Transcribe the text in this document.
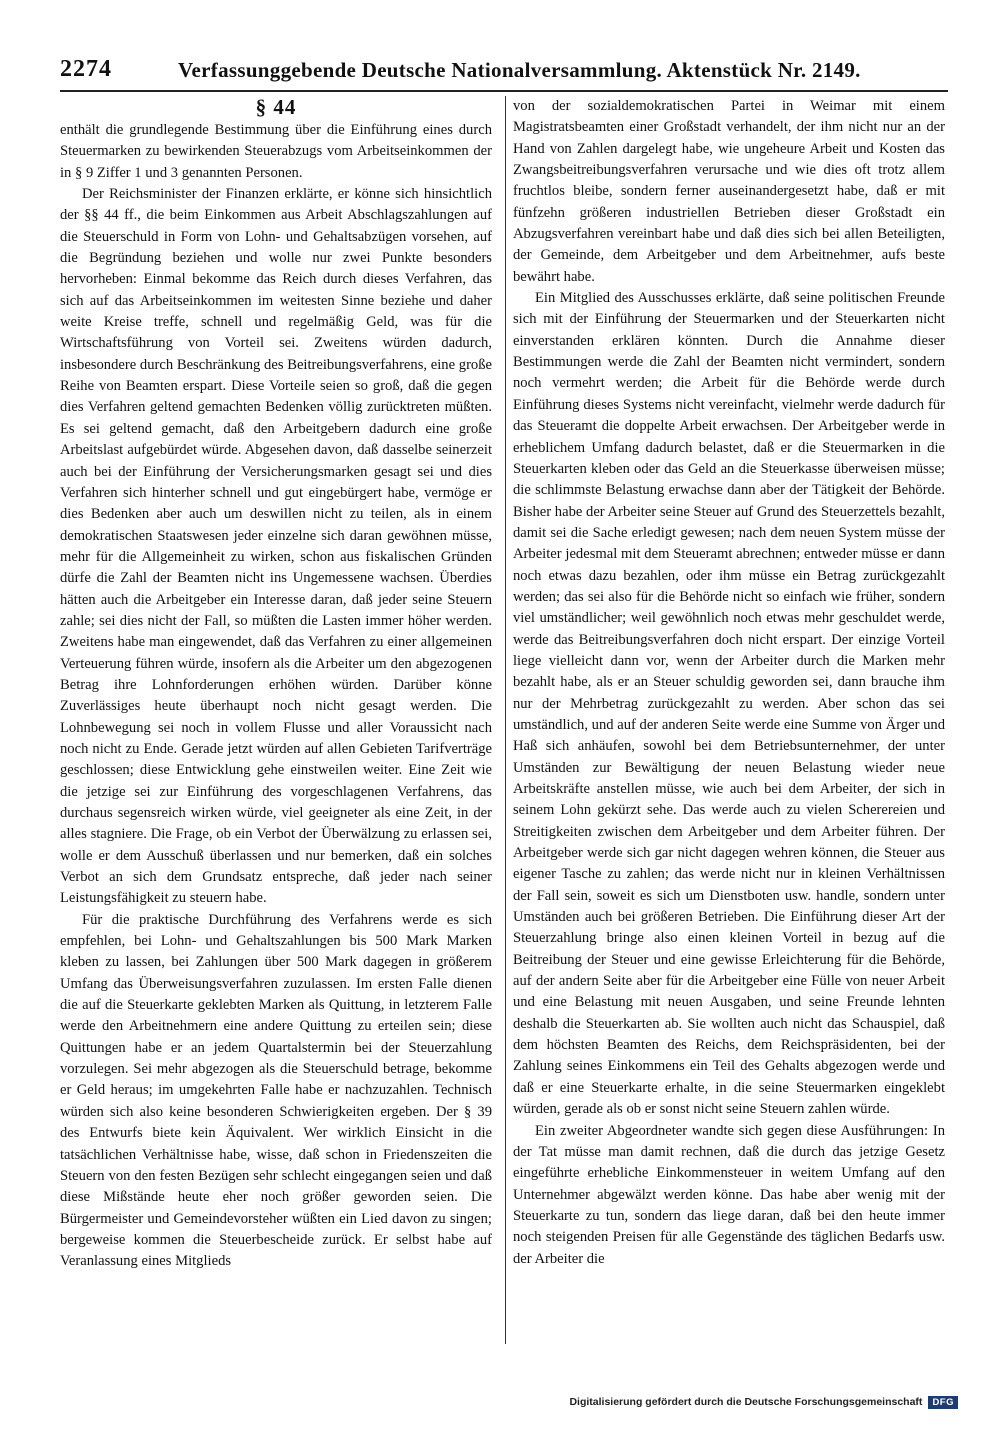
2274	Verfassunggebende Deutsche Nationalversammlung. Aktenstück Nr. 2149.
§ 44

enthält die grundlegende Bestimmung über die Einführung eines durch Steuermarken zu bewirkenden Steuerabzugs vom Arbeitseinkommen der in § 9 Ziffer 1 und 3 genannten Personen.

Der Reichsminister der Finanzen erklärte, er könne sich hinsichtlich der §§ 44 ff., die beim Einkommen aus Arbeit Abschlagszahlungen auf die Steuerschuld in Form von Lohn- und Gehaltsabzügen vorsehen, auf die Begründung beziehen und wolle nur zwei Punkte besonders hervorheben: Einmal bekomme das Reich durch dieses Verfahren, das sich auf das Arbeitseinkommen im weitesten Sinne beziehe und daher weite Kreise treffe, schnell und regelmäßig Geld, was für die Wirtschaftsführung von Vorteil sei. Zweitens würden dadurch, insbesondere durch Beschränkung des Beitreibungsverfahrens, eine große Reihe von Beamten erspart. Diese Vorteile seien so groß, daß die gegen dies Verfahren geltend gemachten Bedenken völlig zurücktreten müßten. Es sei geltend gemacht, daß den Arbeitgebern dadurch eine große Arbeitslast aufgebürdet würde. Abgesehen davon, daß dasselbe seinerzeit auch bei der Einführung der Versicherungsmarken gesagt sei und dies Verfahren sich hinterher schnell und gut eingebürgert habe, vermöge er dies Bedenken aber auch um deswillen nicht zu teilen, als in einem demokratischen Staatswesen jeder einzelne sich daran gewöhnen müsse, mehr für die Allgemeinheit zu wirken, schon aus fiskalischen Gründen dürfe die Zahl der Beamten nicht ins Ungemessene wachsen. Überdies hätten auch die Arbeitgeber ein Interesse daran, daß jeder seine Steuern zahle; sei dies nicht der Fall, so müßten die Lasten immer höher werden. Zweitens habe man eingewendet, daß das Verfahren zu einer allgemeinen Verteuerung führen würde, insofern als die Arbeiter um den abgezogenen Betrag ihre Lohnforderungen erhöhen würden. Darüber könne Zuverlässiges heute überhaupt noch nicht gesagt werden. Die Lohnbewegung sei noch in vollem Flusse und aller Voraussicht nach noch nicht zu Ende. Gerade jetzt würden auf allen Gebieten Tarifverträge geschlossen; diese Entwicklung gehe einstweilen weiter. Eine Zeit wie die jetzige sei zur Einführung des vorgeschlagenen Verfahrens, das durchaus segensreich wirken würde, viel geeigneter als eine Zeit, in der alles stagniere. Die Frage, ob ein Verbot der Überwälzung zu erlassen sei, wolle er dem Ausschuß überlassen und nur bemerken, daß ein solches Verbot an sich dem Grundsatz entspreche, daß jeder nach seiner Leistungsfähigkeit zu steuern habe.

Für die praktische Durchführung des Verfahrens werde es sich empfehlen, bei Lohn- und Gehaltszahlungen bis 500 Mark Marken kleben zu lassen, bei Zahlungen über 500 Mark dagegen in größerem Umfang das Überweisungsverfahren zuzulassen. Im ersten Falle dienen die auf die Steuerkarte geklebten Marken als Quittung, in letzterem Falle werde den Arbeitnehmern eine andere Quittung zu erteilen sein; diese Quittungen habe er an jedem Quartalstermin bei der Steuerzahlung vorzulegen. Sei mehr abgezogen als die Steuerschuld betrage, bekomme er Geld heraus; im umgekehrten Falle habe er nachzuzahlen. Technisch würden sich also keine besonderen Schwierigkeiten ergeben. Der § 39 des Entwurfs biete kein Äquivalent. Wer wirklich Einsicht in die tatsächlichen Verhältnisse habe, wisse, daß schon in Friedenszeiten die Steuern von den festen Bezügen sehr schlecht eingegangen seien und daß diese Mißstände heute eher noch größer geworden seien. Die Bürgermeister und Gemeindevorsteher wüßten ein Lied davon zu singen; bergeweise kommen die Steuerbescheide zurück. Er selbst habe auf Veranlassung eines Mitglieds

von der sozialdemokratischen Partei in Weimar mit einem Magistratsbeamten einer Großstadt verhandelt, der ihm nicht nur an der Hand von Zahlen dargelegt habe, wie ungeheure Arbeit und Kosten das Zwangsbeitreibungsverfahren verursache und wie dies oft trotz allem fruchtlos bleibe, sondern ferner auseinandergesetzt habe, daß er mit fünfzehn größeren industriellen Betrieben dieser Großstadt ein Abzugsverfahren vereinbart habe und daß dies sich bei allen Beteiligten, der Gemeinde, dem Arbeitgeber und dem Arbeitnehmer, aufs beste bewährt habe.

Ein Mitglied des Ausschusses erklärte, daß seine politischen Freunde sich mit der Einführung der Steuermarken und der Steuerkarten nicht einverstanden erklären könnten. Durch die Annahme dieser Bestimmungen werde die Zahl der Beamten nicht vermindert, sondern noch vermehrt werden; die Arbeit für die Behörde werde durch Einführung dieses Systems nicht vereinfacht, vielmehr werde dadurch für das Steueramt die doppelte Arbeit erwachsen. Der Arbeitgeber werde in erheblichem Umfang dadurch belastet, daß er die Steuermarken in die Steuerkarten kleben oder das Geld an die Steuerkasse überweisen müsse; die schlimmste Belastung erwachse dann aber der Tätigkeit der Behörde. Bisher habe der Arbeiter seine Steuer auf Grund des Steuerzettels bezahlt, damit sei die Sache erledigt gewesen; nach dem neuen System müsse der Arbeiter jedesmal mit dem Steueramt abrechnen; entweder müsse er dann noch etwas dazu bezahlen, oder ihm müsse ein Betrag zurückgezahlt werden; das sei also für die Behörde nicht so einfach wie früher, sondern viel umständlicher; weil gewöhnlich noch etwas mehr geschuldet werde, werde das Beitreibungsverfahren doch nicht erspart. Der einzige Vorteil liege vielleicht dann vor, wenn der Arbeiter durch die Marken mehr bezahlt habe, als er an Steuer schuldig geworden sei, dann brauche ihm nur der Mehrbetrag zurückgezahlt zu werden. Aber schon das sei umständlich, und auf der anderen Seite werde eine Summe von Ärger und Haß sich anhäufen, sowohl bei dem Betriebsunternehmer, der unter Umständen zur Bewältigung der neuen Belastung wieder neue Arbeitskräfte anstellen müsse, wie auch bei dem Arbeiter, der sich in seinem Lohn gekürzt sehe. Das werde auch zu vielen Scherereien und Streitigkeiten zwischen dem Arbeitgeber und dem Arbeiter führen. Der Arbeitgeber werde sich gar nicht dagegen wehren können, die Steuer aus eigener Tasche zu zahlen; das werde nicht nur in kleinen Verhältnissen der Fall sein, soweit es sich um Dienstboten usw. handle, sondern unter Umständen auch bei größeren Betrieben. Die Einführung dieser Art der Steuerzahlung bringe also einen kleinen Vorteil in bezug auf die Beitreibung der Steuer und eine gewisse Erleichterung für die Behörde, auf der andern Seite aber für die Arbeitgeber eine Fülle von neuer Arbeit und eine Belastung mit neuen Ausgaben, und seine Freunde lehnten deshalb die Steuerkarten ab. Sie wollten auch nicht das Schauspiel, daß dem höchsten Beamten des Reichs, dem Reichspräsidenten, bei der Zahlung seines Einkommens ein Teil des Gehalts abgezogen werde und daß er eine Steuerkarte erhalte, in die seine Steuermarken eingeklebt würden, gerade als ob er sonst nicht seine Steuern zahlen würde.

Ein zweiter Abgeordneter wandte sich gegen diese Ausführungen: In der Tat müsse man damit rechnen, daß die durch das jetzige Gesetz eingeführte erhebliche Einkommensteuer in weitem Umfang auf den Unternehmer abgewälzt werden könne. Das habe aber wenig mit der Steuerkarte zu tun, sondern das liege daran, daß bei den heute immer noch steigenden Preisen für alle Gegenstände des täglichen Bedarfs usw. der Arbeiter die

Digitalisierung gefördert durch die Deutsche Forschungsgemeinschaft	DFG
